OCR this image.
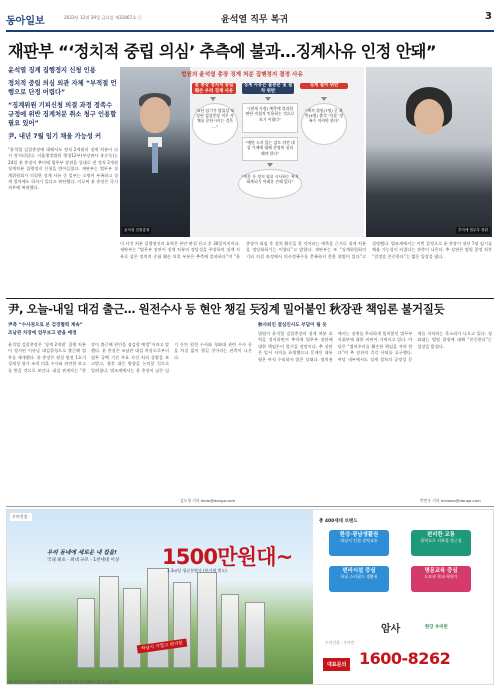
동아일보	2023년 12월 29일 금요일 제31867호 ⓒ	윤석열 직무 복귀	3
재판부 “‘정치적 중립 의심’ 추측에 불과…징계사유 인정 안돼”
윤석열 징계 집행정지 신청 인용
정치적 중립 의심 외관 자체 “부적절 언행으로 단정 어렵다”
“징계위원 기피신청 의결 과정 정족수 규정에 위반 징계처분 취소 청구 인용할 필요 있어”
尹, 내년 7월 임기 채울 가능성 커
“윤석열 검찰총장에 대해서도 정직 2개월의 징계 처분이 다시 정지되었다. 서울행정법원 행정12부(부장판사 홍순욱)는 24일 윤 총장이 추미애 법무부 장관을 상대로 낸 정직 2개월 징계처분 집행정지 신청을 받아들였다. 재판부는 법무부 징계위원회가 의결한 징계 사유 중 일부는 소명이 부족하고 징계 절차에도 하자가 있다고 판단했다. 이로써 윤 총장은 즉시 직무에 복귀했다.
윤석열 검찰총장
법원의 윤석열 총장 징계 처분 집행정지 결정 사유
윤 총장 정치적 중립 훼손 우려 징계 사유
징계 사유는 불충분 및 절차 위반
징계 절차 위반
“2년 임기가 법률상 보장된 검찰총장 직무 자체를 중단시키는 것은 …”
“(현재 사정) 예측에 불과한 판단 직접적 인용하는 것으로 보기 어렵다”
“재적 위원(7명) 중 과반(4명) 출석 ‘의결’ 정족수 지켜야 한다”
“예단 소지 있는 검토 의견 대상 기재에 대해 분명히 심리해야 한다”
“처분 등 정지 필요 시사하는 복지 회복되기 어려운 손해 있다”
추미애 법무부 장관
이 사건 처분 집행정지의 효력은 본안 판결 선고 후 30일까지이다. 재판부는 “법무부 장관이 징계 처분의 정당성을 주장하며 징계 사유로 삼은 정치적 중립 훼손 의혹 부분은 추측에 불과하다”며 “윤 총장이 퇴임 후 정치 활동을 할 것이라는 예측을 근거로 징계 처분을 정당화하기는 어렵다”고 밝혔다. 재판부는 또 “징계위원회의 기피 의결 과정에서 의사정족수를 충족하지 못한 위법이 있다”고 설명했다. 법조계에서는 이번 결정으로 윤 총장이 내년 7월 임기를 채울 가능성이 커졌다는 관측이 나온다. 추 장관은 법원 결정 직후 “결정을 존중한다”는 짧은 입장을 냈다.
尹, 오늘-내일 대검 출근… 원전수사 등 현안 챙길 듯
尹측 “수사권으로 본 검경협력 계속”
조남관 차장에 업무보고 받을 예정
윤석열 검찰총장은 ‘징계 2개월’ 집행 처분이 정지된 이튿날 대검찰청으로 출근해 업무를 재개했다. 윤 총장은 월성 원전 1호기 경제성 평가 조작 의혹 수사와 관련한 보고를 받을 것으로 보인다. 대검 관계자는 “총장이 출근해 현안을 점검할 예정”이라고 말했다. 윤 총장은 조남관 대검 차장으로부터 업무 공백 기간 주요 사건 처리 상황을 보고받고, 향후 대응 방향을 논의할 것으로 알려졌다. 법조계에서는 윤 총장이 남은 임기 동안 원전 수사와 청와대 관련 수사 등을 차질 없이 챙길 것이라는 관측이 나온다.
김도형 기자 dodo@donga.com
징계 밀어붙인 秋장관 책임론 불거질듯
秋사퇴인 결심인사도 부담이 될 듯
법원이 윤석열 검찰총장의 징계 처분 효력을 정지하면서 추미애 법무부 장관에 대한 책임론이 불거질 전망이다. 추 장관은 앞서 사의를 표명했으나 문재인 대통령은 아직 수리하지 않은 상태다. 정치권에서는 징계를 무리하게 밀어붙인 법무부 지휘부에 대한 비판이 거세지고 있다. 야당은 “법치주의를 훼손한 책임을 져야 한다”며 추 장관의 즉각 사퇴를 요구했다. 여당 내부에서도 징계 절차의 공정성 문제를 지적하는 목소리가 나오고 있다. 청와대는 법원 결정에 대해 “존중한다”는 입장을 밝혔다.
박민우 기자 minwoo@donga.com
우미건설 ·
우리 동네에 새로운 내 집을!
국내 최초 · 최대 규모 · 1천세대 이상 1500만원대~
3.3㎡당 평균분양가 (부가세 별도)
하남시 가깝고 편리한
※ 상기 이미지는 소비자의 이해를 돕기 위한 것으로 실제와 다를 수 있습니다.
총 400세대 브랜드
한강·광남생활권
하남시 인접 광역교통
편리한 교통
광역도로 지하철 접근성
편리시설 증심
하남 스타필드 생활권
명문교육 중심
도보권 학교·학원가
암사	한강 우미린
우미건설 · 우미린
대표문의 1600-8262
